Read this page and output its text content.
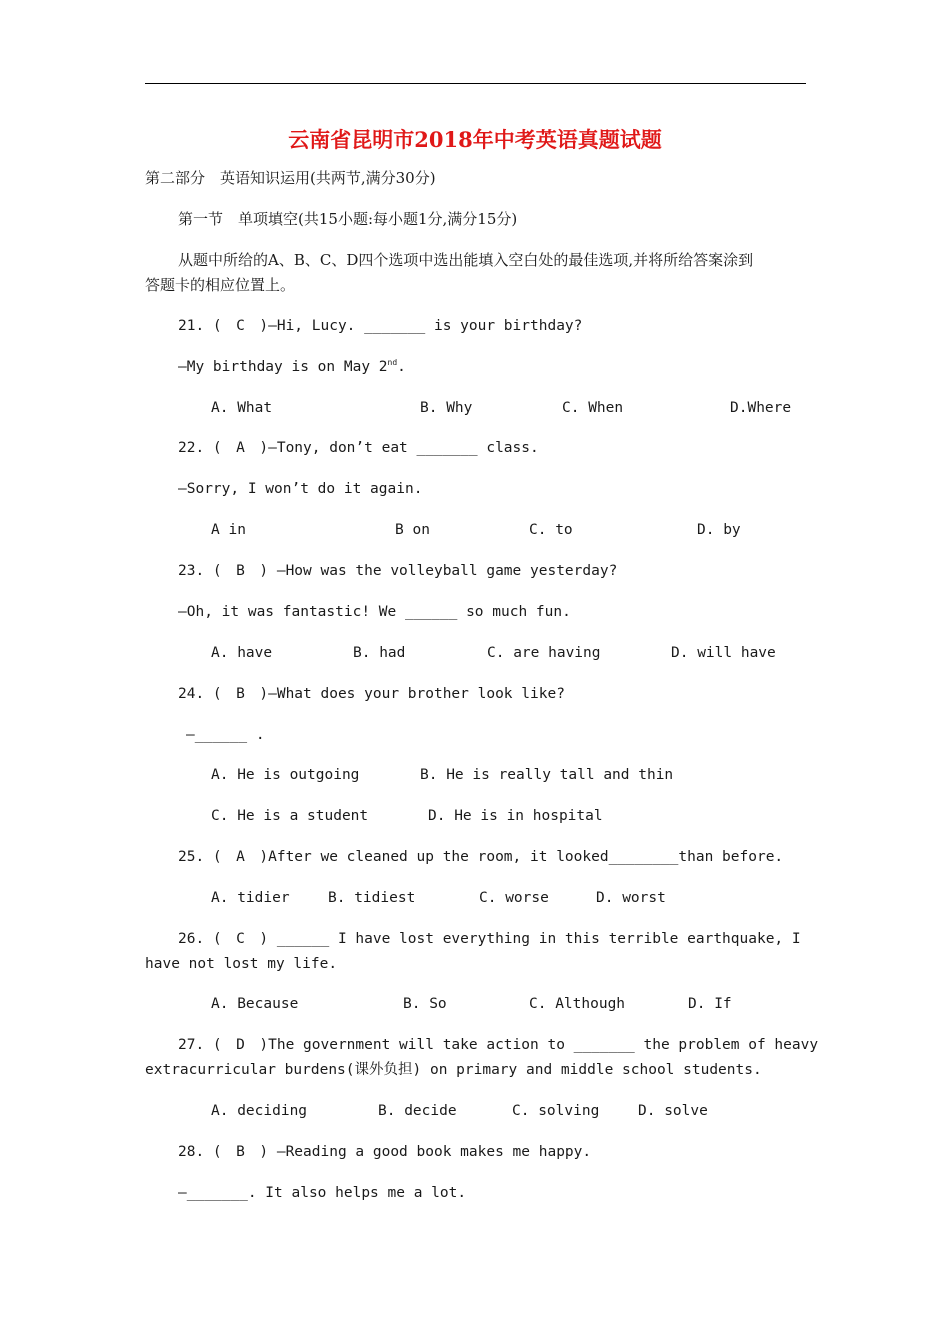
云南省昆明市2018年中考英语真题试题
第二部分　英语知识运用(共两节,满分30分)
第一节　单项填空(共15小题:每小题1分,满分15分)
从题中所给的A、B、C、D四个选项中选出能填入空白处的最佳选项,并将所给答案涂到
答题卡的相应位置上。
21. (　C　)—Hi, Lucy. _______ is your birthday?
—My birthday is on May 2nd.
A. What	B. Why	C. When	D.Where
22. (　A　)—Tony, don’t eat _______ class.
—Sorry, I won’t do it again.
A in	B on	C. to	D. by
23. (　B　) —How was the volleyball game yesterday?
—Oh, it was fantastic! We ______ so much fun.
A. have	B. had	C. are having	D. will have
24. (　B　)—What does your brother look like?
—______ .
A. He is outgoing	B. He is really tall and thin
C. He is a student	D. He is in hospital
25. (　A　)After we cleaned up the room, it looked________than before.
A. tidier	B. tidiest	C. worse	D. worst
26. (　C　) ______ I have lost everything in this terrible earthquake, I
have not lost my life.
A. Because	B. So	C. Although	D. If
27. (　D　)The government will take action to _______ the problem of heavy
extracurricular burdens(课外负担) on primary and middle school students.
A. deciding	B. decide	C. solving	D. solve
28. (　B　) —Reading a good book makes me happy.
—_______. It also helps me a lot.
